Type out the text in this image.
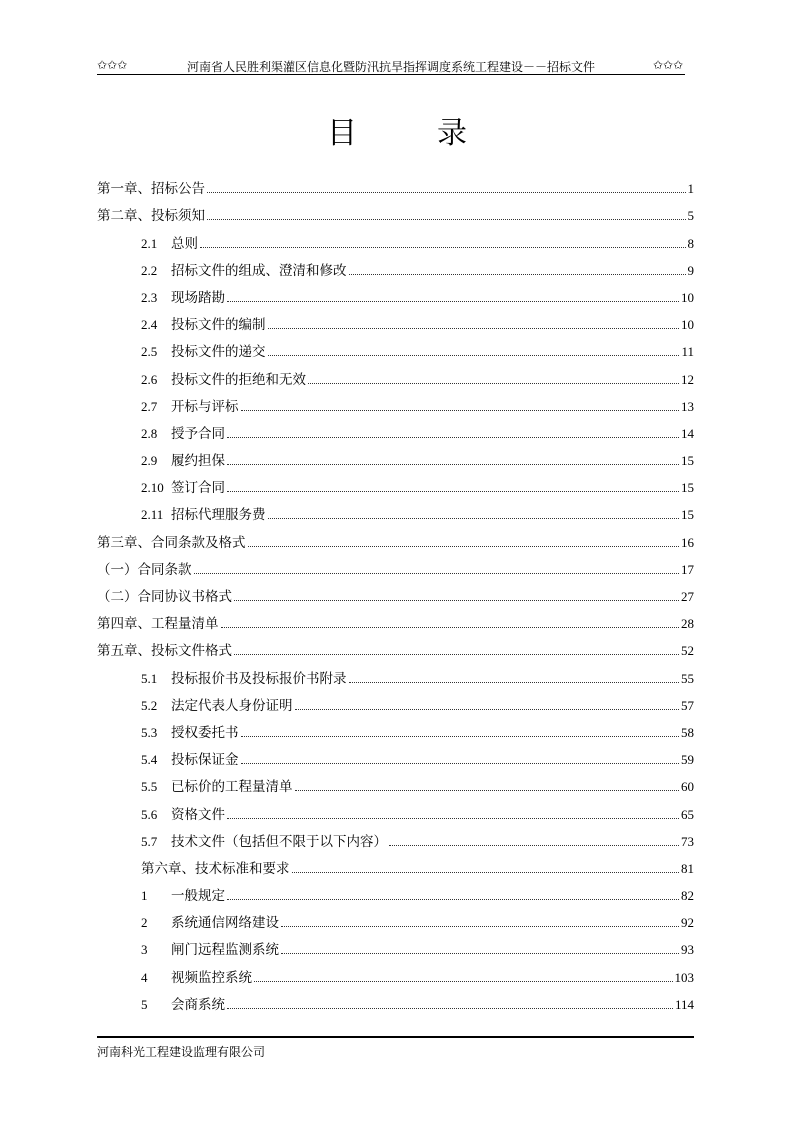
✩✩✩	河南省人民胜利渠灌区信息化暨防汛抗旱指挥调度系统工程建设－－招标文件	✩✩✩
目	录
第一章、招标公告	1
第二章、投标须知	5
2.1 总则	8
2.2 招标文件的组成、澄清和修改	9
2.3 现场踏勘	10
2.4 投标文件的编制	10
2.5 投标文件的递交	11
2.6 投标文件的拒绝和无效	12
2.7 开标与评标	13
2.8 授予合同	14
2.9 履约担保	15
2.10 签订合同	15
2.11 招标代理服务费	15
第三章、合同条款及格式	16
（一）合同条款	17
（二）合同协议书格式	27
第四章、工程量清单	28
第五章、投标文件格式	52
5.1 投标报价书及投标报价书附录	55
5.2 法定代表人身份证明	57
5.3 授权委托书	58
5.4 投标保证金	59
5.5 已标价的工程量清单	60
5.6 资格文件	65
5.7 技术文件（包括但不限于以下内容）	73
第六章、技术标准和要求	81
1 一般规定	82
2 系统通信网络建设	92
3 闸门远程监测系统	93
4 视频监控系统	103
5 会商系统	114
河南科光工程建设监理有限公司
